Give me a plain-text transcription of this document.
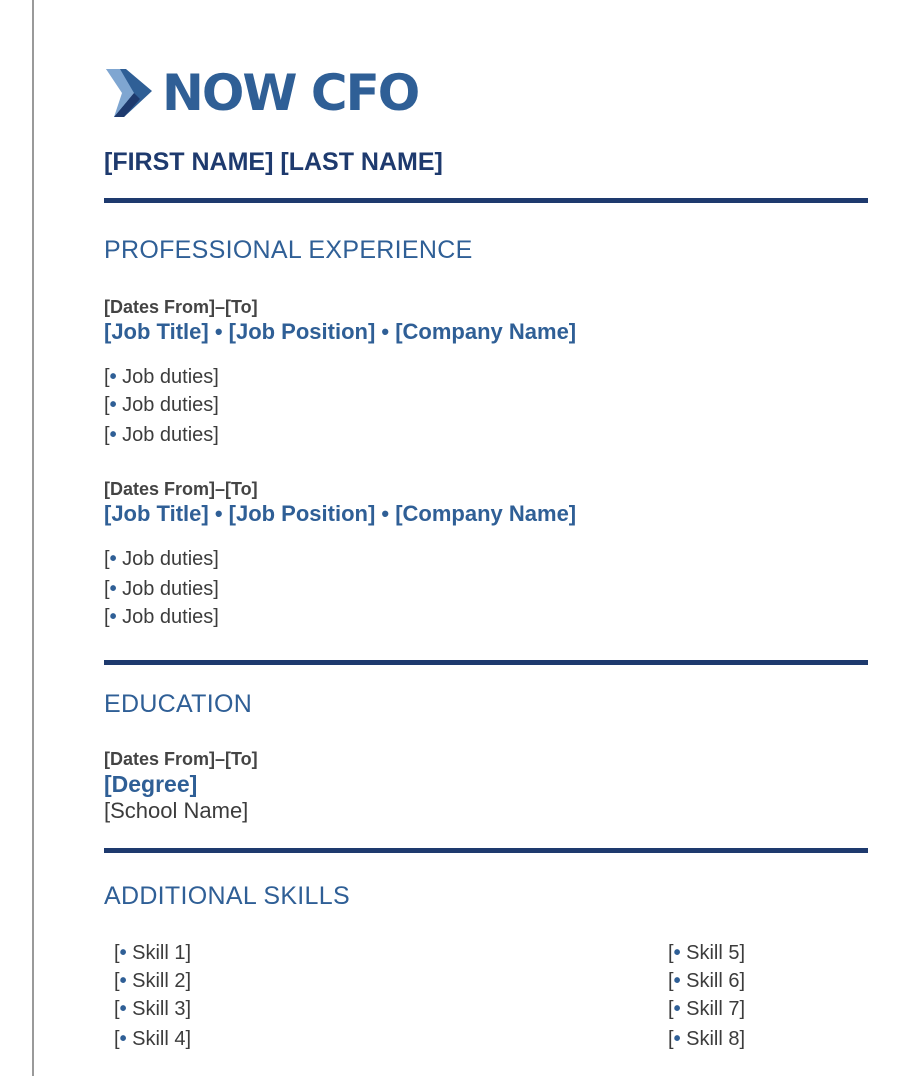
NOW CFO
[FIRST NAME] [LAST NAME]
PROFESSIONAL EXPERIENCE
[Dates From]–[To]
[Job Title] • [Job Position] • [Company Name]
[• Job duties]
[• Job duties]
[• Job duties]
[Dates From]–[To]
[Job Title] • [Job Position] • [Company Name]
[• Job duties]
[• Job duties]
[• Job duties]
EDUCATION
[Dates From]–[To]
[Degree]
[School Name]
ADDITIONAL SKILLS
[• Skill 1]
[• Skill 2]
[• Skill 3]
[• Skill 4]
[• Skill 5]
[• Skill 6]
[• Skill 7]
[• Skill 8]
